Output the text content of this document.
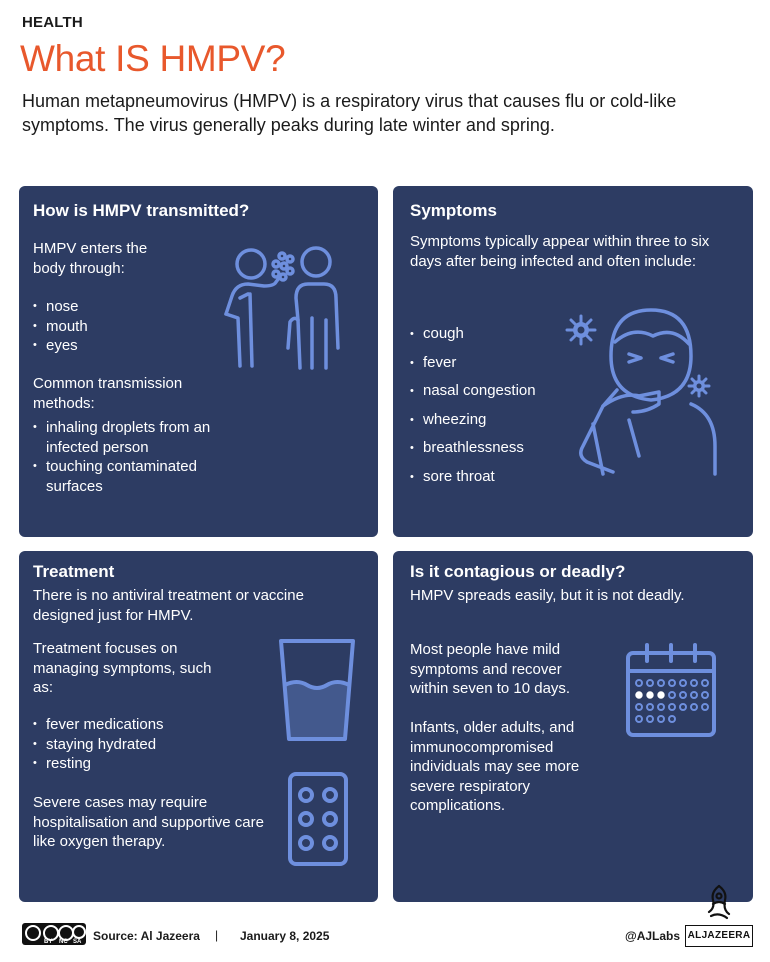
HEALTH
What IS HMPV?
Human metapneumovirus (HMPV) is a respiratory virus that causes flu or cold-like symptoms. The virus generally peaks during late winter and spring.
How is HMPV transmitted?
HMPV enters the body through:
• nose
• mouth
• eyes
Common transmission methods:
• inhaling droplets from an infected person
• touching contaminated surfaces
Symptoms
Symptoms typically appear within three to six days after being infected and often include:
• cough
• fever
• nasal congestion
• wheezing
• breathlessness
• sore throat
Treatment
There is no antiviral treatment or vaccine designed just for HMPV.
Treatment focuses on managing symptoms, such as:
• fever medications
• staying hydrated
• resting
Severe cases may require hospitalisation and supportive care like oxygen therapy.
Is it contagious or deadly?
HMPV spreads easily, but it is not deadly.
Most people have mild symptoms and recover within seven to 10 days.
Infants, older adults, and immunocompromised individuals may see more severe respiratory complications.
BY NC SA Source: Al Jazeera | January 8, 2025	@AJLabs ALJAZEERA
